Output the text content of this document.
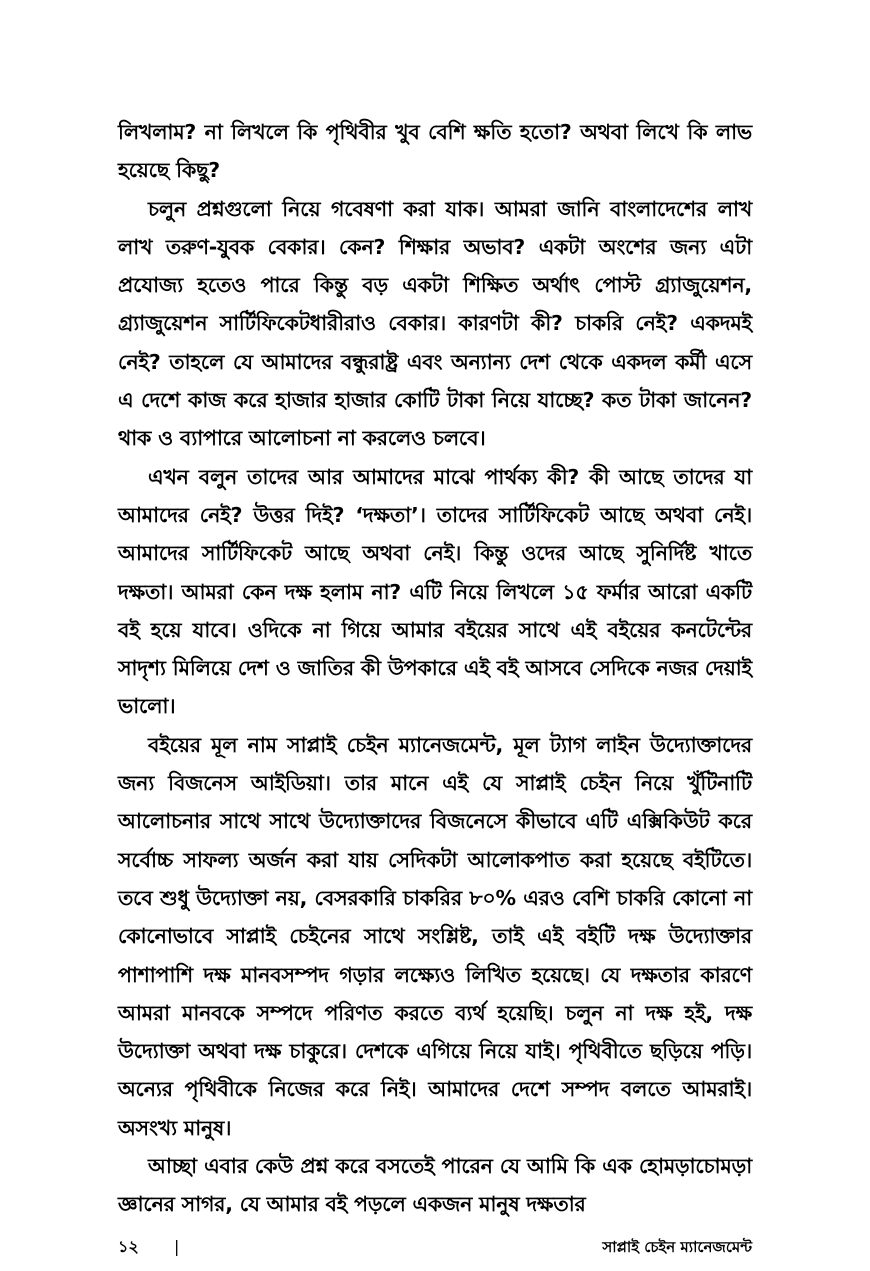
লিখলাম? না লিখলে কি পৃথিবীর খুব বেশি ক্ষতি হতো? অথবা লিখে কি লাভ হয়েছে কিছু?

চলুন প্রশ্নগুলো নিয়ে গবেষণা করা যাক। আমরা জানি বাংলাদেশের লাখ লাখ তরুণ-যুবক বেকার। কেন? শিক্ষার অভাব? একটা অংশের জন্য এটা প্রযোজ্য হতেও পারে কিন্তু বড় একটা শিক্ষিত অর্থাৎ পোস্ট গ্র্যাজুয়েশন, গ্র্যাজুয়েশন সার্টিফিকেটধারীরাও বেকার। কারণটা কী? চাকরি নেই? একদমই নেই? তাহলে যে আমাদের বন্ধুরাষ্ট্র এবং অন্যান্য দেশ থেকে একদল কর্মী এসে এ দেশে কাজ করে হাজার হাজার কোটি টাকা নিয়ে যাচ্ছে? কত টাকা জানেন? থাক ও ব্যাপারে আলোচনা না করলেও চলবে।

এখন বলুন তাদের আর আমাদের মাঝে পার্থক্য কী? কী আছে তাদের যা আমাদের নেই? উত্তর দিই? ‘দক্ষতা’। তাদের সার্টিফিকেট আছে অথবা নেই। আমাদের সার্টিফিকেট আছে অথবা নেই। কিন্তু ওদের আছে সুনির্দিষ্ট খাতে দক্ষতা। আমরা কেন দক্ষ হলাম না? এটি নিয়ে লিখলে ১৫ ফর্মার আরো একটি বই হয়ে যাবে। ওদিকে না গিয়ে আমার বইয়ের সাথে এই বইয়ের কনটেন্টের সাদৃশ্য মিলিয়ে দেশ ও জাতির কী উপকারে এই বই আসবে সেদিকে নজর দেয়াই ভালো।

বইয়ের মূল নাম সাপ্লাই চেইন ম্যানেজমেন্ট, মূল ট্যাগ লাইন উদ্যোক্তাদের জন্য বিজনেস আইডিয়া। তার মানে এই যে সাপ্লাই চেইন নিয়ে খুঁটিনাটি আলোচনার সাথে সাথে উদ্যোক্তাদের বিজনেসে কীভাবে এটি এক্সিকিউট করে সর্বোচ্চ সাফল্য অর্জন করা যায় সেদিকটা আলোকপাত করা হয়েছে বইটিতে। তবে শুধু উদ্যোক্তা নয়, বেসরকারি চাকরির ৮০% এরও বেশি চাকরি কোনো না কোনোভাবে সাপ্লাই চেইনের সাথে সংশ্লিষ্ট, তাই এই বইটি দক্ষ উদ্যোক্তার পাশাপাশি দক্ষ মানবসম্পদ গড়ার লক্ষ্যেও লিখিত হয়েছে। যে দক্ষতার কারণে আমরা মানবকে সম্পদে পরিণত করতে ব্যর্থ হয়েছি। চলুন না দক্ষ হই, দক্ষ উদ্যোক্তা অথবা দক্ষ চাকুরে। দেশকে এগিয়ে নিয়ে যাই। পৃথিবীতে ছড়িয়ে পড়ি। অন্যের পৃথিবীকে নিজের করে নিই। আমাদের দেশে সম্পদ বলতে আমরাই। অসংখ্য মানুষ।

আচ্ছা এবার কেউ প্রশ্ন করে বসতেই পারেন যে আমি কি এক হোমড়াচোমড়া জ্ঞানের সাগর, যে আমার বই পড়লে একজন মানুষ দক্ষতার

১২ |	সাপ্লাই চেইন ম্যানেজমেন্ট
